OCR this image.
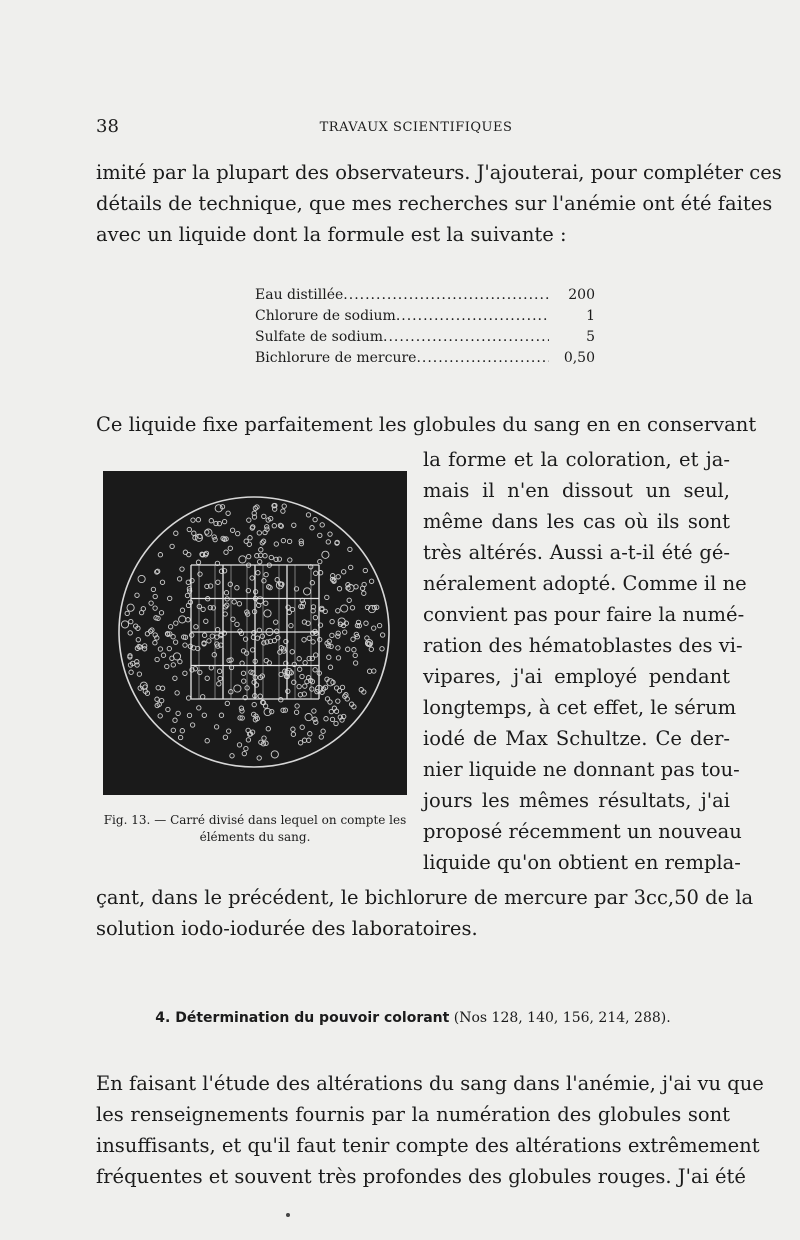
38	TRAVAUX SCIENTIFIQUES

imité par la plupart des observateurs. J'ajouterai, pour compléter ces
détails de technique, que mes recherches sur l'anémie ont été faites
avec un liquide dont la formule est la suivante :

Eau distillée .....	200
Chlorure de sodium .....	1
Sulfate de sodium .....	5
Bichlorure de mercure .....	0,50

Ce liquide fixe parfaitement les globules du sang en en conservant

la forme et la coloration, et ja-
mais il n'en dissout un seul,
même dans les cas où ils sont
très altérés. Aussi a-t-il été gé-
néralement adopté. Comme il ne
convient pas pour faire la numé-
ration des hématoblastes des vi-
vipares, j'ai employé pendant
longtemps, à cet effet, le sérum
iodé de Max Schultze. Ce der-
nier liquide ne donnant pas tou-
jours les mêmes résultats, j'ai
proposé récemment un nouveau
liquide qu'on obtient en rempla-
Fig. 13. — Carré divisé dans lequel on compte les éléments du sang.
çant, dans le précédent, le bichlorure de mercure par 3cc,50 de la
solution iodo-iodurée des laboratoires.
4. Détermination du pouvoir colorant (Nos 128, 140, 156, 214, 288).

En faisant l'étude des altérations du sang dans l'anémie, j'ai vu que
les renseignements fournis par la numération des globules sont
insuffisants, et qu'il faut tenir compte des altérations extrêmement
fréquentes et souvent très profondes des globules rouges. J'ai été
